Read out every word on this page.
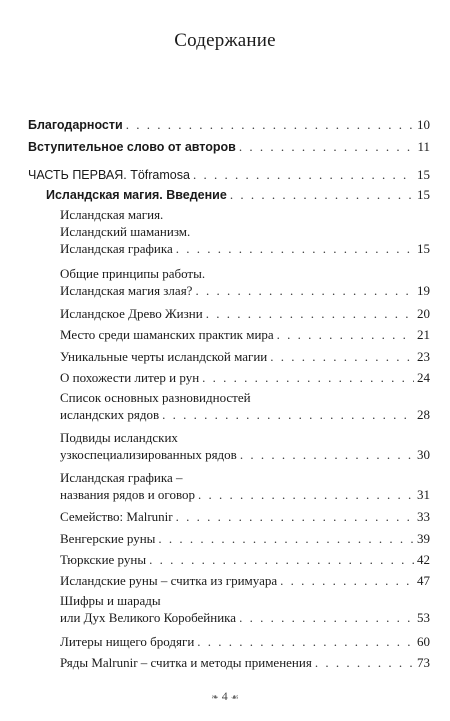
Содержание
Благодарности . . .	10
Вступительное слово от авторов . . .	11
ЧАСТЬ ПЕРВАЯ. Töframosa . . .	15
Исландская магия. Введение . . .	15
Исландская магия.
Исландский шаманизм.
Исландская графика . . .	15
Общие принципы работы.
Исландская магия злая? . . .	19
Исландское Древо Жизни . . .	20
Место среди шаманских практик мира . . .	21
Уникальные черты исландской магии . . .	23
О похожести литер и рун . . .	24
Список основных разновидностей
исландских рядов . . .	28
Подвиды исландских
узкоспециализированных рядов . . .	30
Исландская графика –
названия рядов и оговор . . .	31
Семейство: Malrunir . . .	33
Венгерские руны . . .	39
Тюркские руны . . .	42
Исландские руны – считка из гримуара . . .	47
Шифры и шарады
или Дух Великого Коробейника . . .	53
Литеры нищего бродяги . . .	60
Ряды Malrunir – считка и методы применения . . .	73
❧ 4 ☙
